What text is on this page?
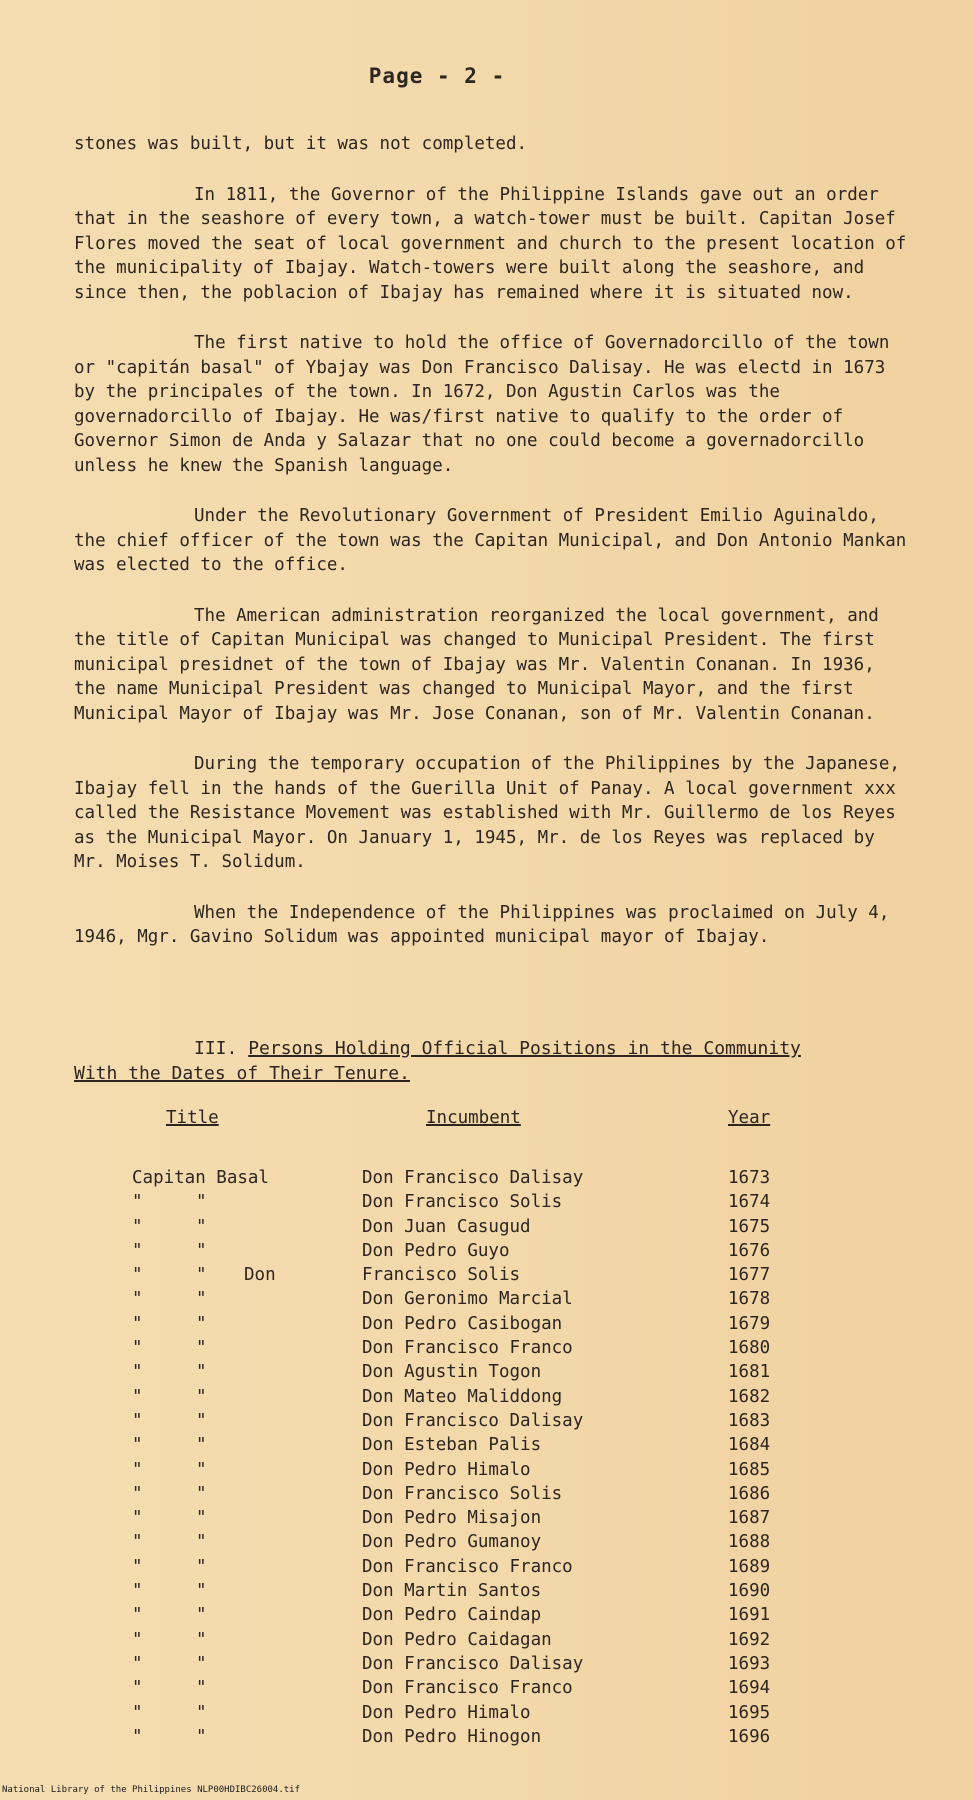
Page - 2 -

stones was built, but it was not completed.

In 1811, the Governor of the Philippine Islands gave out an order that in the seashore of every town, a watch-tower must be built. Capitan Josef Flores moved the seat of local government and church to the present location of the municipality of Ibajay. Watch-towers were built along the seashore, and since then, the poblacion of Ibajay has remained where it is situated now.

The first native to hold the office of Governadorcillo of the town or "capitán basal" of Ybajay was Don Francisco Dalisay. He was electd in 1673 by the principales of the town. In 1672, Don Agustin Carlos was the governadorcillo of Ibajay. He was/first native to qualify to the order of Governor Simon de Anda y Salazar that no one could become a governadorcillo unless he knew the Spanish language.

Under the Revolutionary Government of President Emilio Aguinaldo, the chief officer of the town was the Capitan Municipal, and Don Antonio Mankan was elected to the office.

The American administration reorganized the local government, and the title of Capitan Municipal was changed to Municipal President. The first municipal presidnet of the town of Ibajay was Mr. Valentin Conanan. In 1936, the name Municipal President was changed to Municipal Mayor, and the first Municipal Mayor of Ibajay was Mr. Jose Conanan, son of Mr. Valentin Conanan.

During the temporary occupation of the Philippines by the Japanese, Ibajay fell in the hands of the Guerilla Unit of Panay. A local government xxx called the Resistance Movement was established with Mr. Guillermo de los Reyes as the Municipal Mayor. On January 1, 1945, Mr. de los Reyes was replaced by Mr. Moises T. Solidum.

When the Independence of the Philippines was proclaimed on July 4, 1946, Mgr. Gavino Solidum was appointed municipal mayor of Ibajay.

III. Persons Holding Official Positions in the Community
With the Dates of Their Tenure.
Title	Incumbent	Year
Capitan Basal	Don Francisco Dalisay	1673
"	"	Don Francisco Solis	1674
"	"	Don Juan Casugud	1675
"	"	Don Pedro Guyo	1676
"	" Don	Francisco Solis	1677
"	"	Don Geronimo Marcial	1678
"	"	Don Pedro Casibogan	1679
"	"	Don Francisco Franco	1680
"	"	Don Agustin Togon	1681
"	"	Don Mateo Maliddong	1682
"	"	Don Francisco Dalisay	1683
"	"	Don Esteban Palis	1684
"	"	Don Pedro Himalo	1685
"	"	Don Francisco Solis	1686
"	"	Don Pedro Misajon	1687
"	"	Don Pedro Gumanoy	1688
"	"	Don Francisco Franco	1689
"	"	Don Martin Santos	1690
"	"	Don Pedro Caindap	1691
"	"	Don Pedro Caidagan	1692
"	"	Don Francisco Dalisay	1693
"	"	Don Francisco Franco	1694
"	"	Don Pedro Himalo	1695
"	"	Don Pedro Hinogon	1696
National Library of the Philippines NLP00HDIBC26004.tif
